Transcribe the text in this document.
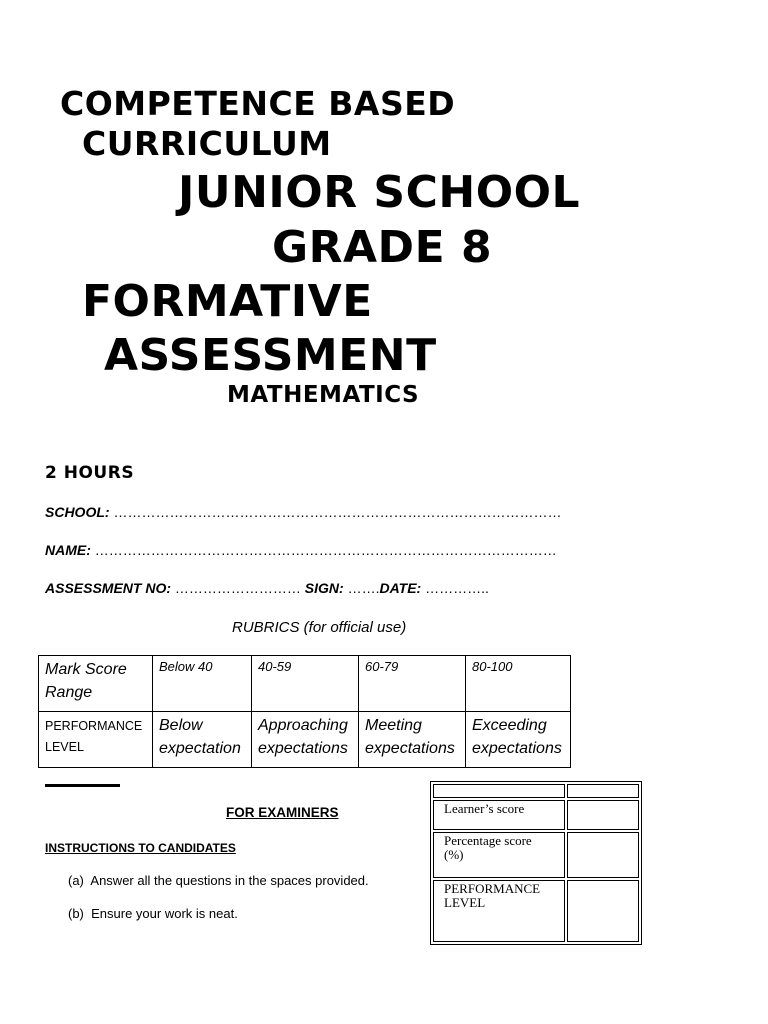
COMPETENCE BASED
CURRICULUM
JUNIOR SCHOOL
GRADE 8
FORMATIVE
ASSESSMENT
MATHEMATICS
2 HOURS
SCHOOL: ……………………………………………………………………………………
NAME: ………………………………………………………………………………………
ASSESSMENT NO: ……………………… SIGN: …….DATE: …………..
RUBRICS (for official use)
Mark Score Range	Below 40	40-59	60-79	80-100
PERFORMANCE LEVEL	Below expectation	Approaching expectations	Meeting expectations	Exceeding expectations
FOR EXAMINERS
INSTRUCTIONS TO CANDIDATES
(a) Answer all the questions in the spaces provided.
(b) Ensure your work is neat.

Learner’s score	
Percentage score (%)	
PERFORMANCE LEVEL	
